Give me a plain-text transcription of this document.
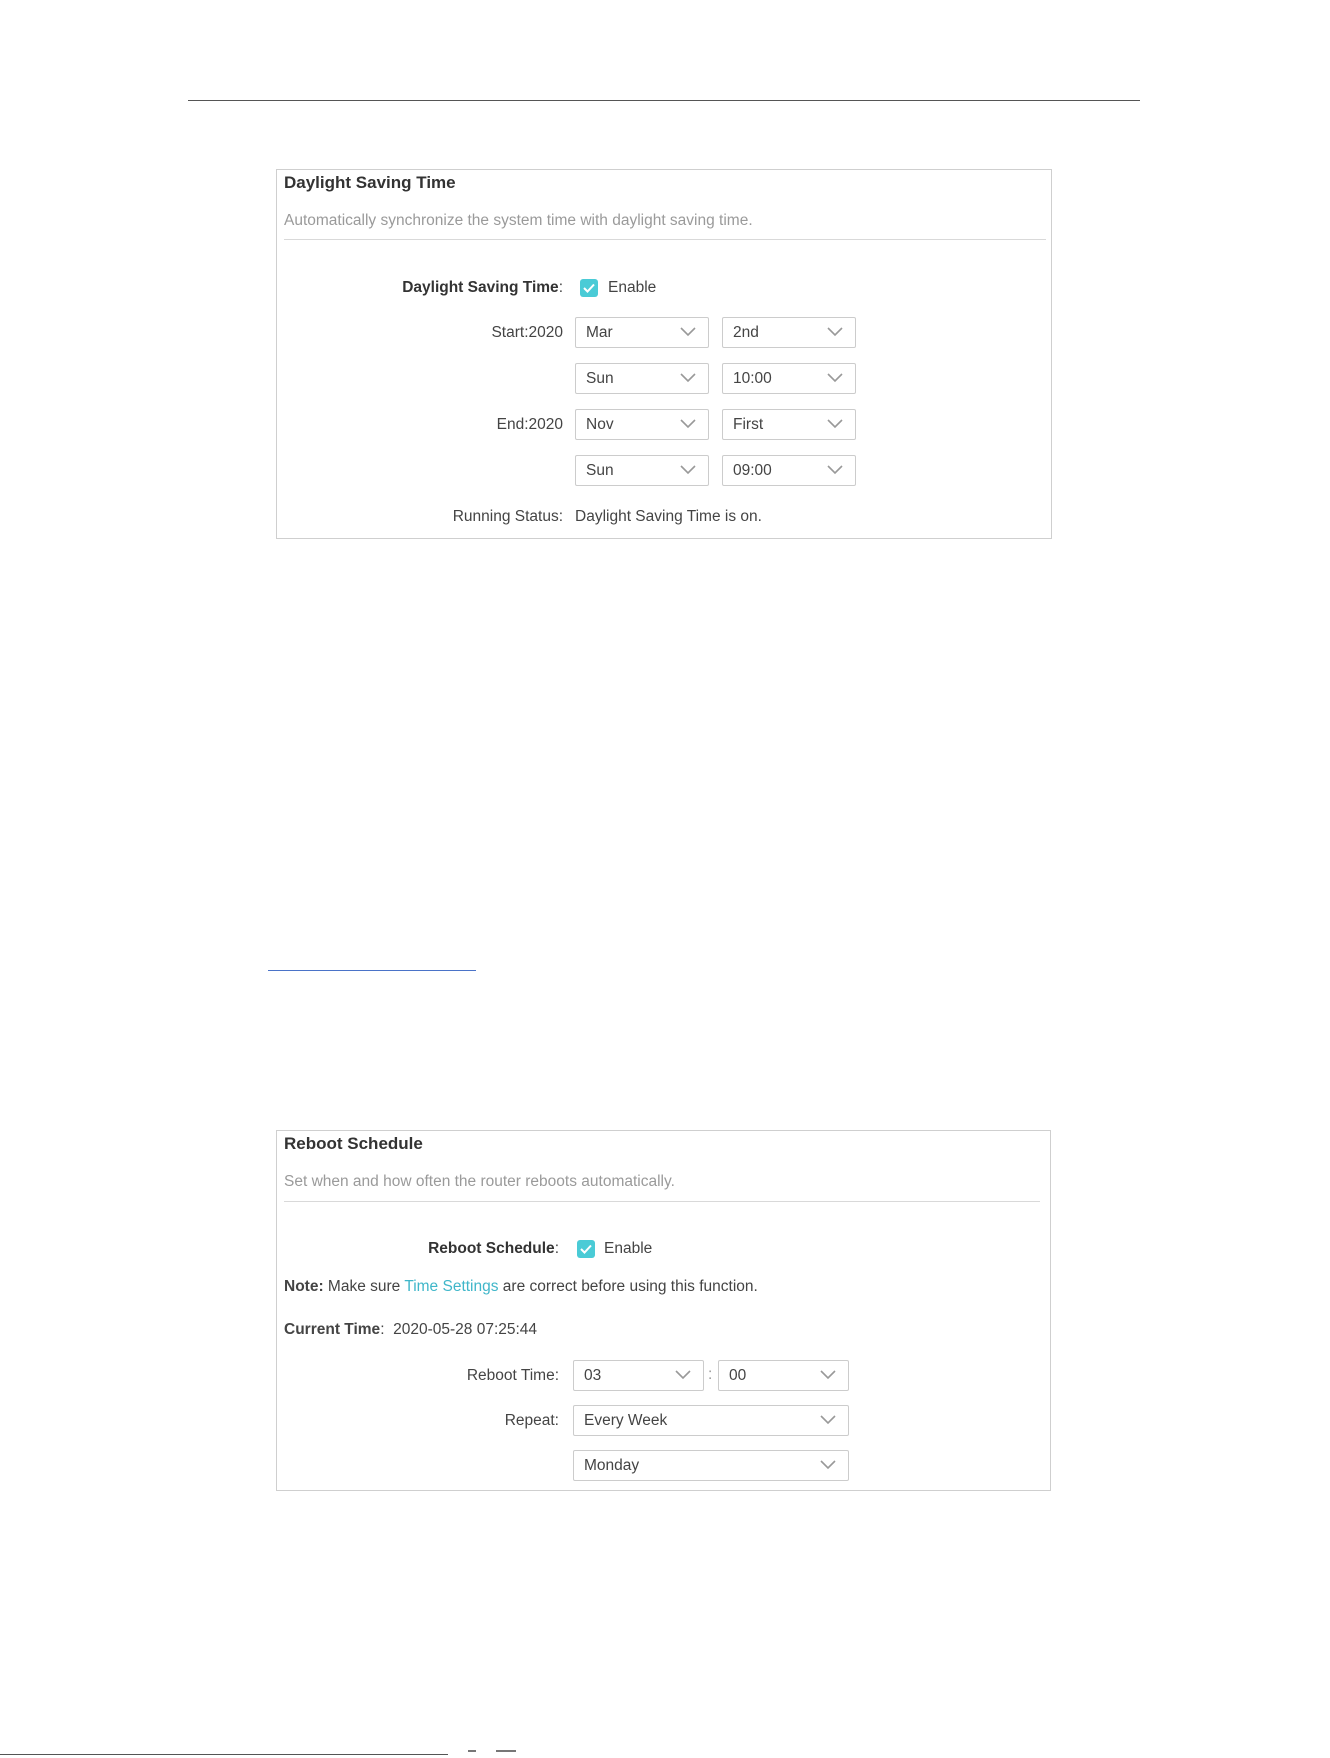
Daylight Saving Time
Automatically synchronize the system time with daylight saving time.
Daylight Saving Time:	Enable
Start:2020 Mar	2nd
Sun	10:00
End:2020 Nov	First
Sun	09:00
Running Status: Daylight Saving Time is on.
Reboot Schedule
Set when and how often the router reboots automatically.
Reboot Schedule:	Enable
Note: Make sure Time Settings are correct before using this function.
Current Time: 2020-05-28 07:25:44
Reboot Time: 03	: 00
Repeat: Every Week
Monday
